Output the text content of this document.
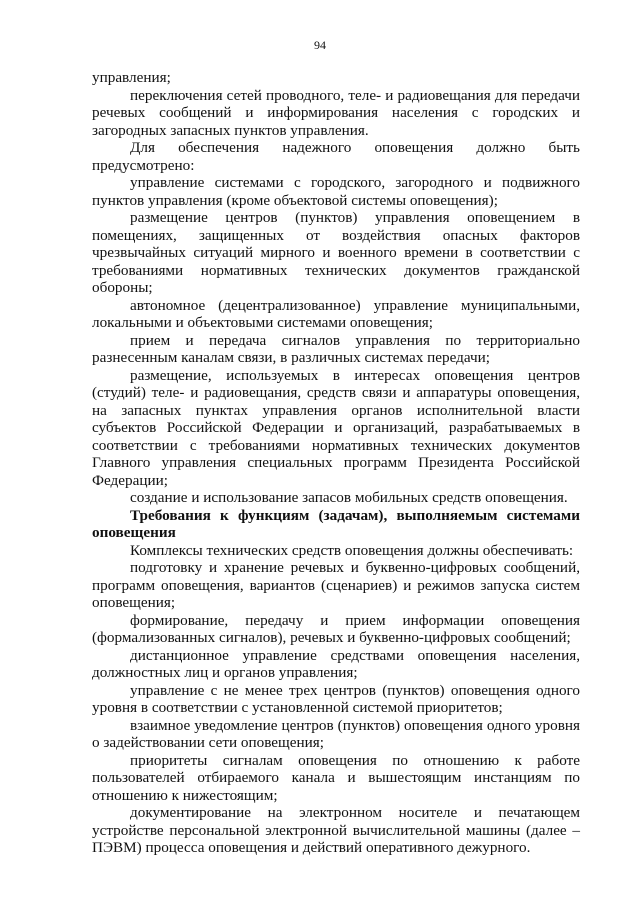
94

управления;

переключения сетей проводного, теле- и радиовещания для передачи речевых сообщений и информирования населения с городских и загородных запасных пунктов управления.

Для обеспечения надежного оповещения должно быть предусмотрено:

управление системами с городского, загородного и подвижного пунктов управления (кроме объектовой системы оповещения);

размещение центров (пунктов) управления оповещением в помещениях, защищенных от воздействия опасных факторов чрезвычайных ситуаций мирного и военного времени в соответствии с требованиями нормативных технических документов гражданской обороны;

автономное (децентрализованное) управление муниципальными, локальными и объектовыми системами оповещения;

прием и передача сигналов управления по территориально разнесенным каналам связи, в различных системах передачи;

размещение, используемых в интересах оповещения центров (студий) теле- и радиовещания, средств связи и аппаратуры оповещения, на запасных пунктах управления органов исполнительной власти субъектов Российской Федерации и организаций, разрабатываемых в соответствии с требованиями нормативных технических документов Главного управления специальных программ Президента Российской Федерации;

создание и использование запасов мобильных средств оповещения.

Требования к функциям (задачам), выполняемым системами оповещения

Комплексы технических средств оповещения должны обеспечивать:

подготовку и хранение речевых и буквенно-цифровых сообщений, программ оповещения, вариантов (сценариев) и режимов запуска систем оповещения;

формирование, передачу и прием информации оповещения (формализованных сигналов), речевых и буквенно-цифровых сообщений;

дистанционное управление средствами оповещения населения, должностных лиц и органов управления;

управление с не менее трех центров (пунктов) оповещения одного уровня в соответствии с установленной системой приоритетов;

взаимное уведомление центров (пунктов) оповещения одного уровня о задействовании сети оповещения;

приоритеты сигналам оповещения по отношению к работе пользователей отбираемого канала и вышестоящим инстанциям по отношению к нижестоящим;

документирование на электронном носителе и печатающем устройстве персональной электронной вычислительной машины (далее – ПЭВМ) процесса оповещения и действий оперативного дежурного.
